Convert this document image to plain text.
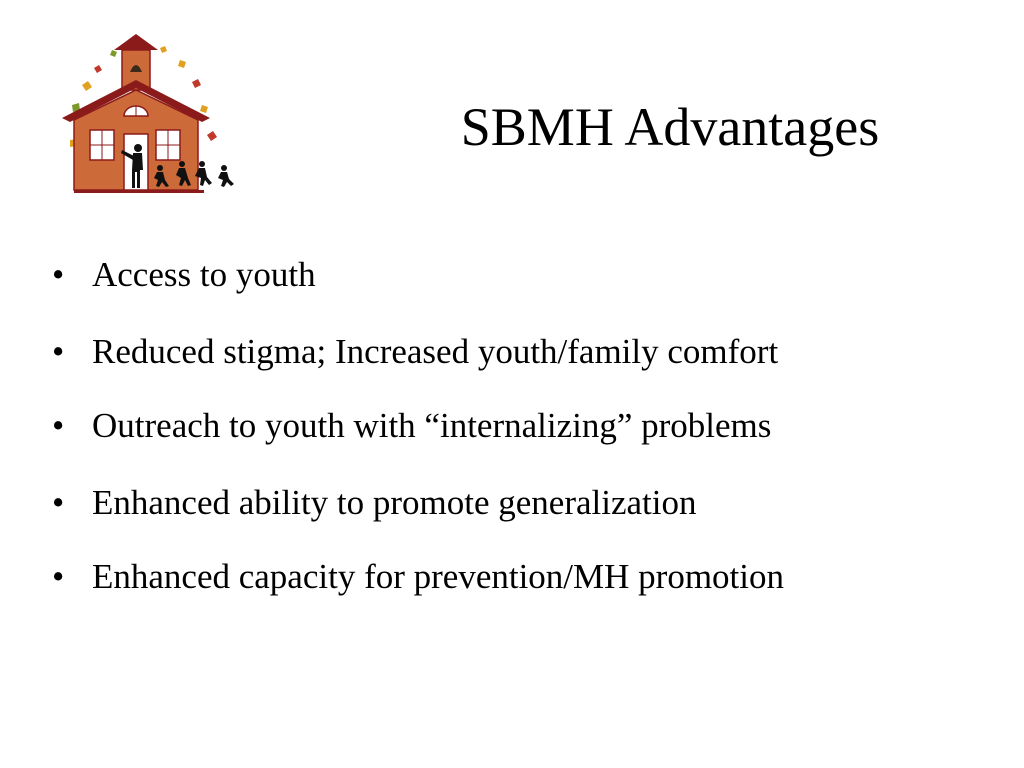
SBMH Advantages
• Access to youth
• Reduced stigma; Increased youth/family comfort
• Outreach to youth with “internalizing” problems
• Enhanced ability to promote generalization
• Enhanced capacity for prevention/MH promotion
